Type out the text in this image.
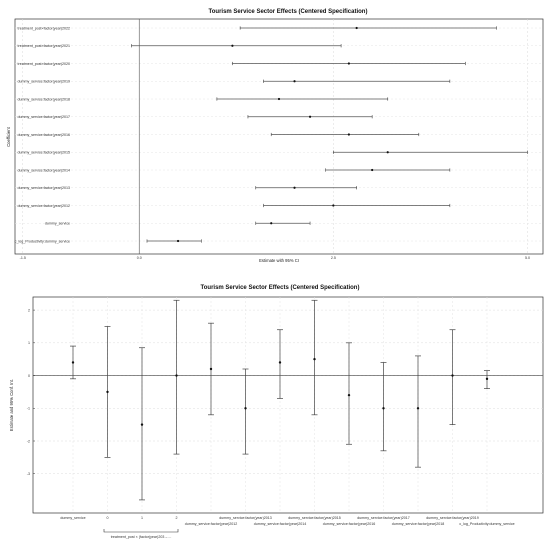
Tourism Service Sector Effects (Centered Specification)
-1.5	0.0	2.5	5.0
treatment_post×factor(year)2022
treatment_post×factor(year)2021
treatment_post×factor(year)2020
dummy_service:factor(year)2019
dummy_service:factor(year)2018
dummy_service:factor(year)2017
dummy_service:factor(year)2016
dummy_service:factor(year)2015
dummy_service:factor(year)2014
dummy_service:factor(year)2013
dummy_service:factor(year)2012
dummy_service
c_log_Productivity:dummy_service
Estimate with 95% CI
Coefficient
Tourism Service Sector Effects (Centered Specification)
2
1
0
-1
-2
-3
dummy_service	0	1	2
dummy_service:factor(year)2012
dummy_service:factor(year)2013
dummy_service:factor(year)2014
dummy_service:factor(year)2015
dummy_service:factor(year)2016
dummy_service:factor(year)2017
dummy_service:factor(year)2018
dummy_service:factor(year)2019
c_log_Productivity:dummy_service
Estimate and 95% Conf. Int.
treatment_post × (factor(year)203 – ...
